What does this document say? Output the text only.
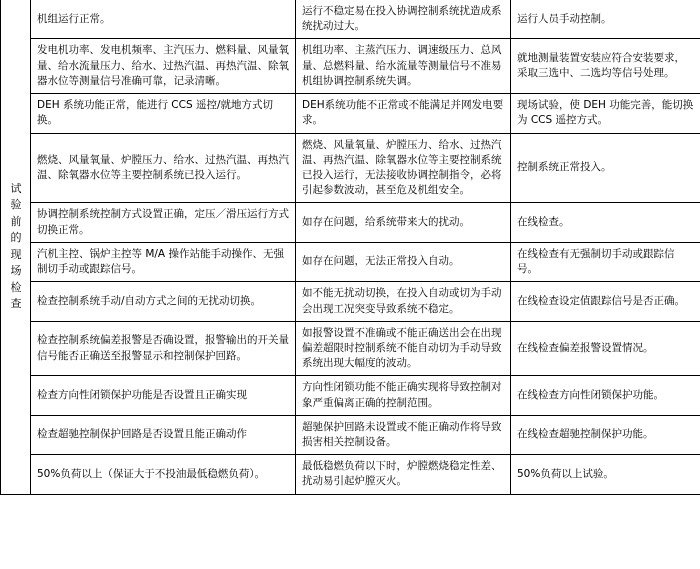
试验前的现场检查	机组运行正常。	运行不稳定易在投入协调控制系统扰造成系统扰动过大。	运行人员手动控制。
	发电机功率、发电机频率、主汽压力、燃料量、风量氧量、给水流量压力、给水、过热汽温、再热汽温、除氧器水位等测量信号准确可靠，记录清晰。	机组功率、主蒸汽压力、调速级压力、总风量、总燃料量、给水流量等测量信号不准易机组协调控制系统失调。	就地测量装置安装应符合安装要求，采取三选中、二选均等信号处理。
	DEH 系统功能正常，能进行 CCS 遥控/就地方式切换。	DEH系统功能不正常或不能满足并网发电要求。	现场试验，使 DEH 功能完善，能切换为 CCS 遥控方式。
	燃烧、风量氧量、炉膛压力、给水、过热汽温、再热汽温、除氧器水位等主要控制系统已投入运行。	燃烧、风量氧量、炉膛压力、给水、过热汽温、再热汽温、除氧器水位等主要控制系统已投入运行，无法接收协调控制指令，必将引起参数波动，甚至危及机组安全。	控制系统正常投入。
	协调控制系统控制方式设置正确，定压／滑压运行方式切换正常。	如存在问题，给系统带来大的扰动。	在线检查。
	汽机主控、锅炉主控等 M/A 操作站能手动操作、无强制切手动或跟踪信号。	如存在问题，无法正常投入自动。	在线检查有无强制切手动或跟踪信号。
	检查控制系统手动/自动方式之间的无扰动切换。	如不能无扰动切换，在投入自动或切为手动会出现工况突变导致系统不稳定。	在线检查设定值跟踪信号是否正确。
	检查控制系统偏差报警是否确设置，报警输出的开关量信号能否正确送至报警显示和控制保护回路。	如报警设置不准确或不能正确送出会在出现偏差超限时控制系统不能自动切为手动导致系统出现大幅度的波动。	在线检查偏差报警设置情况。
	检查方向性闭锁保护功能是否设置且正确实现	方向性闭锁功能不能正确实现将导致控制对象严重偏离正确的控制范围。	在线检查方向性闭锁保护功能。
	检查超驰控制保护回路是否设置且能正确动作	超驰保护回路未设置或不能正确动作将导致损害相关控制设备。	在线检查超驰控制保护功能。
	50%负荷以上（保证大于不投油最低稳燃负荷）。	最低稳燃负荷以下时，炉膛燃烧稳定性差、扰动易引起炉膛灭火。	50%负荷以上试验。
